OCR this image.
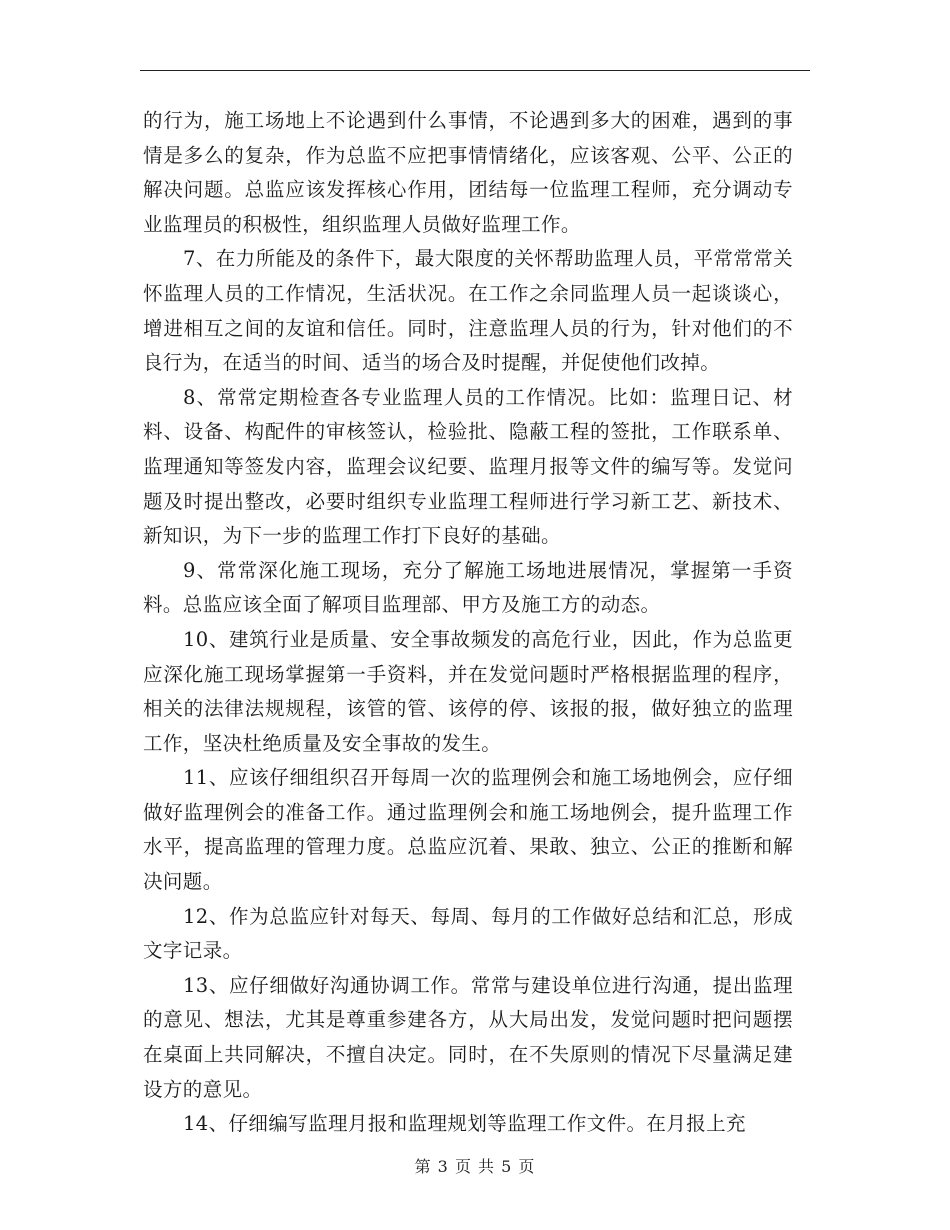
的行为，施工场地上不论遇到什么事情，不论遇到多大的困难，遇到的事情是多么的复杂，作为总监不应把事情情绪化，应该客观、公平、公正的解决问题。总监应该发挥核心作用，团结每一位监理工程师，充分调动专业监理员的积极性，组织监理人员做好监理工作。

7、在力所能及的条件下，最大限度的关怀帮助监理人员，平常常常关怀监理人员的工作情况，生活状况。在工作之余同监理人员一起谈谈心，增进相互之间的友谊和信任。同时，注意监理人员的行为，针对他们的不良行为，在适当的时间、适当的场合及时提醒，并促使他们改掉。

8、常常定期检查各专业监理人员的工作情况。比如：监理日记、材料、设备、构配件的审核签认，检验批、隐蔽工程的签批，工作联系单、监理通知等签发内容，监理会议纪要、监理月报等文件的编写等。发觉问题及时提出整改，必要时组织专业监理工程师进行学习新工艺、新技术、新知识，为下一步的监理工作打下良好的基础。

9、常常深化施工现场，充分了解施工场地进展情况，掌握第一手资料。总监应该全面了解项目监理部、甲方及施工方的动态。

10、建筑行业是质量、安全事故频发的高危行业，因此，作为总监更应深化施工现场掌握第一手资料，并在发觉问题时严格根据监理的程序，相关的法律法规规程，该管的管、该停的停、该报的报，做好独立的监理工作，坚决杜绝质量及安全事故的发生。

11、应该仔细组织召开每周一次的监理例会和施工场地例会，应仔细做好监理例会的准备工作。通过监理例会和施工场地例会，提升监理工作水平，提高监理的管理力度。总监应沉着、果敢、独立、公正的推断和解决问题。

12、作为总监应针对每天、每周、每月的工作做好总结和汇总，形成文字记录。

13、应仔细做好沟通协调工作。常常与建设单位进行沟通，提出监理的意见、想法，尤其是尊重参建各方，从大局出发，发觉问题时把问题摆在桌面上共同解决，不擅自决定。同时，在不失原则的情况下尽量满足建设方的意见。

14、仔细编写监理月报和监理规划等监理工作文件。在月报上充

第 3 页 共 5 页
